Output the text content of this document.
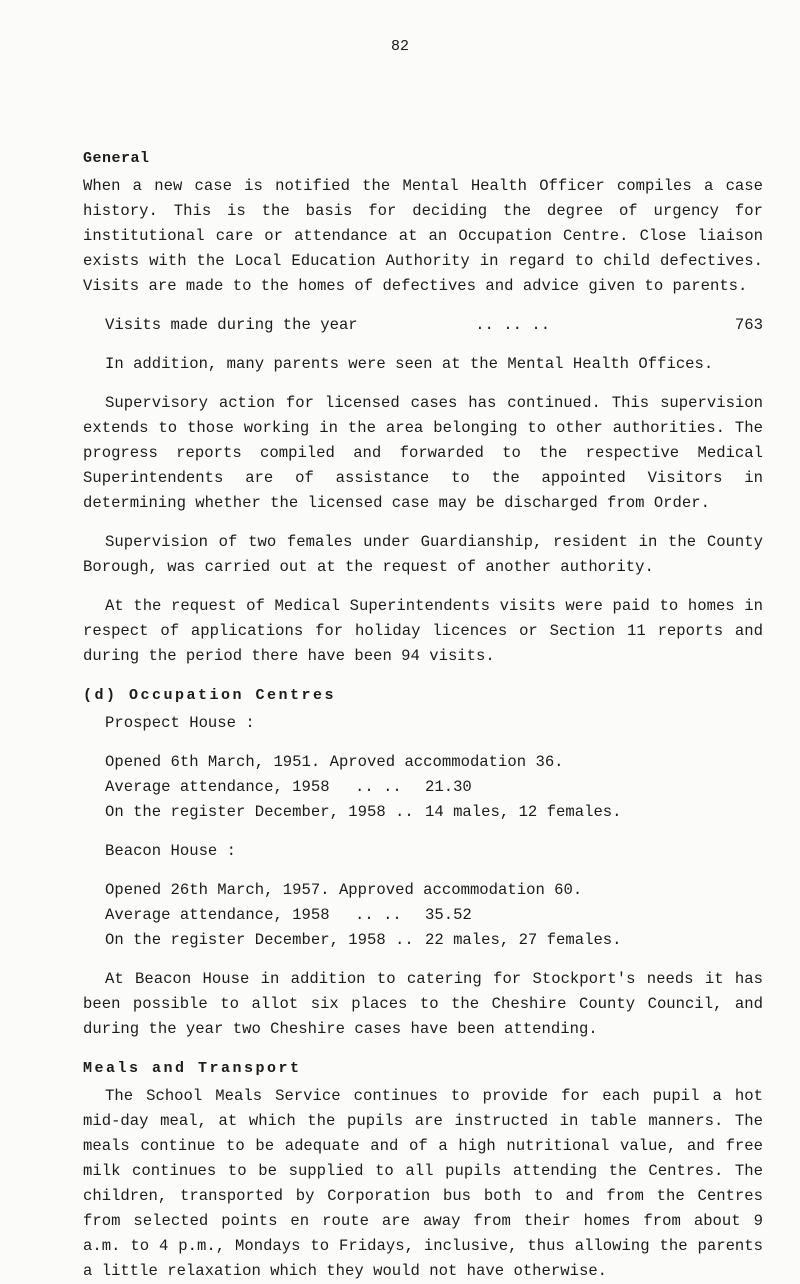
82
General

When a new case is notified the Mental Health Officer compiles a case history. This is the basis for deciding the degree of urgency for institutional care or attendance at an Occupation Centre. Close liaison exists with the Local Education Authority in regard to child defectives. Visits are made to the homes of defectives and advice given to parents.

Visits made during the year	.. .. ..	763

In addition, many parents were seen at the Mental Health Offices.

Supervisory action for licensed cases has continued. This supervision extends to those working in the area belonging to other authorities. The progress reports compiled and forwarded to the respective Medical Superintendents are of assistance to the appointed Visitors in determining whether the licensed case may be discharged from Order.

Supervision of two females under Guardianship, resident in the County Borough, was carried out at the request of another authority.

At the request of Medical Superintendents visits were paid to homes in respect of applications for holiday licences or Section 11 reports and during the period there have been 94 visits.

(d) Occupation Centres
Prospect House :
Opened 6th March, 1951. Aproved accommodation 36.
Average attendance, 1958	.. ..	21.30
On the register December, 1958 .. 14 males, 12 females.
Beacon House :
Opened 26th March, 1957. Approved accommodation 60.
Average attendance, 1958	.. ..	35.52
On the register December, 1958 .. 22 males, 27 females.

At Beacon House in addition to catering for Stockport's needs it has been possible to allot six places to the Cheshire County Council, and during the year two Cheshire cases have been attending.

Meals and Transport

The School Meals Service continues to provide for each pupil a hot mid-day meal, at which the pupils are instructed in table manners. The meals continue to be adequate and of a high nutritional value, and free milk continues to be supplied to all pupils attending the Centres. The children, transported by Corporation bus both to and from the Centres from selected points en route are away from their homes from about 9 a.m. to 4 p.m., Mondays to Fridays, inclusive, thus allowing the parents a little relaxation which they would not have otherwise.
